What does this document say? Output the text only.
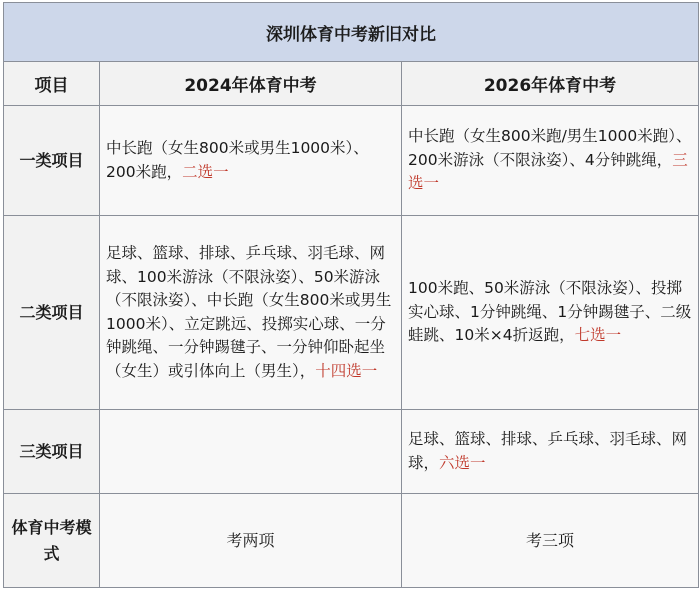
深圳体育中考新旧对比		
项目	2024年体育中考	2026年体育中考
一类项目	中长跑（女生800米或男生1000米）、200米跑，二选一	中长跑（女生800米跑/男生1000米跑）、200米游泳（不限泳姿）、4分钟跳绳，三选一
二类项目	足球、篮球、排球、乒乓球、羽毛球、网球、100米游泳（不限泳姿）、50米游泳（不限泳姿）、中长跑（女生800米或男生1000米）、立定跳远、投掷实心球、一分钟跳绳、一分钟踢毽子、一分钟仰卧起坐（女生）或引体向上（男生），十四选一	100米跑、50米游泳（不限泳姿）、投掷实心球、1分钟跳绳、1分钟踢毽子、二级蛙跳、10米×4折返跑，七选一
三类项目		足球、篮球、排球、乒乓球、羽毛球、网球，六选一
体育中考模式	考两项	考三项
